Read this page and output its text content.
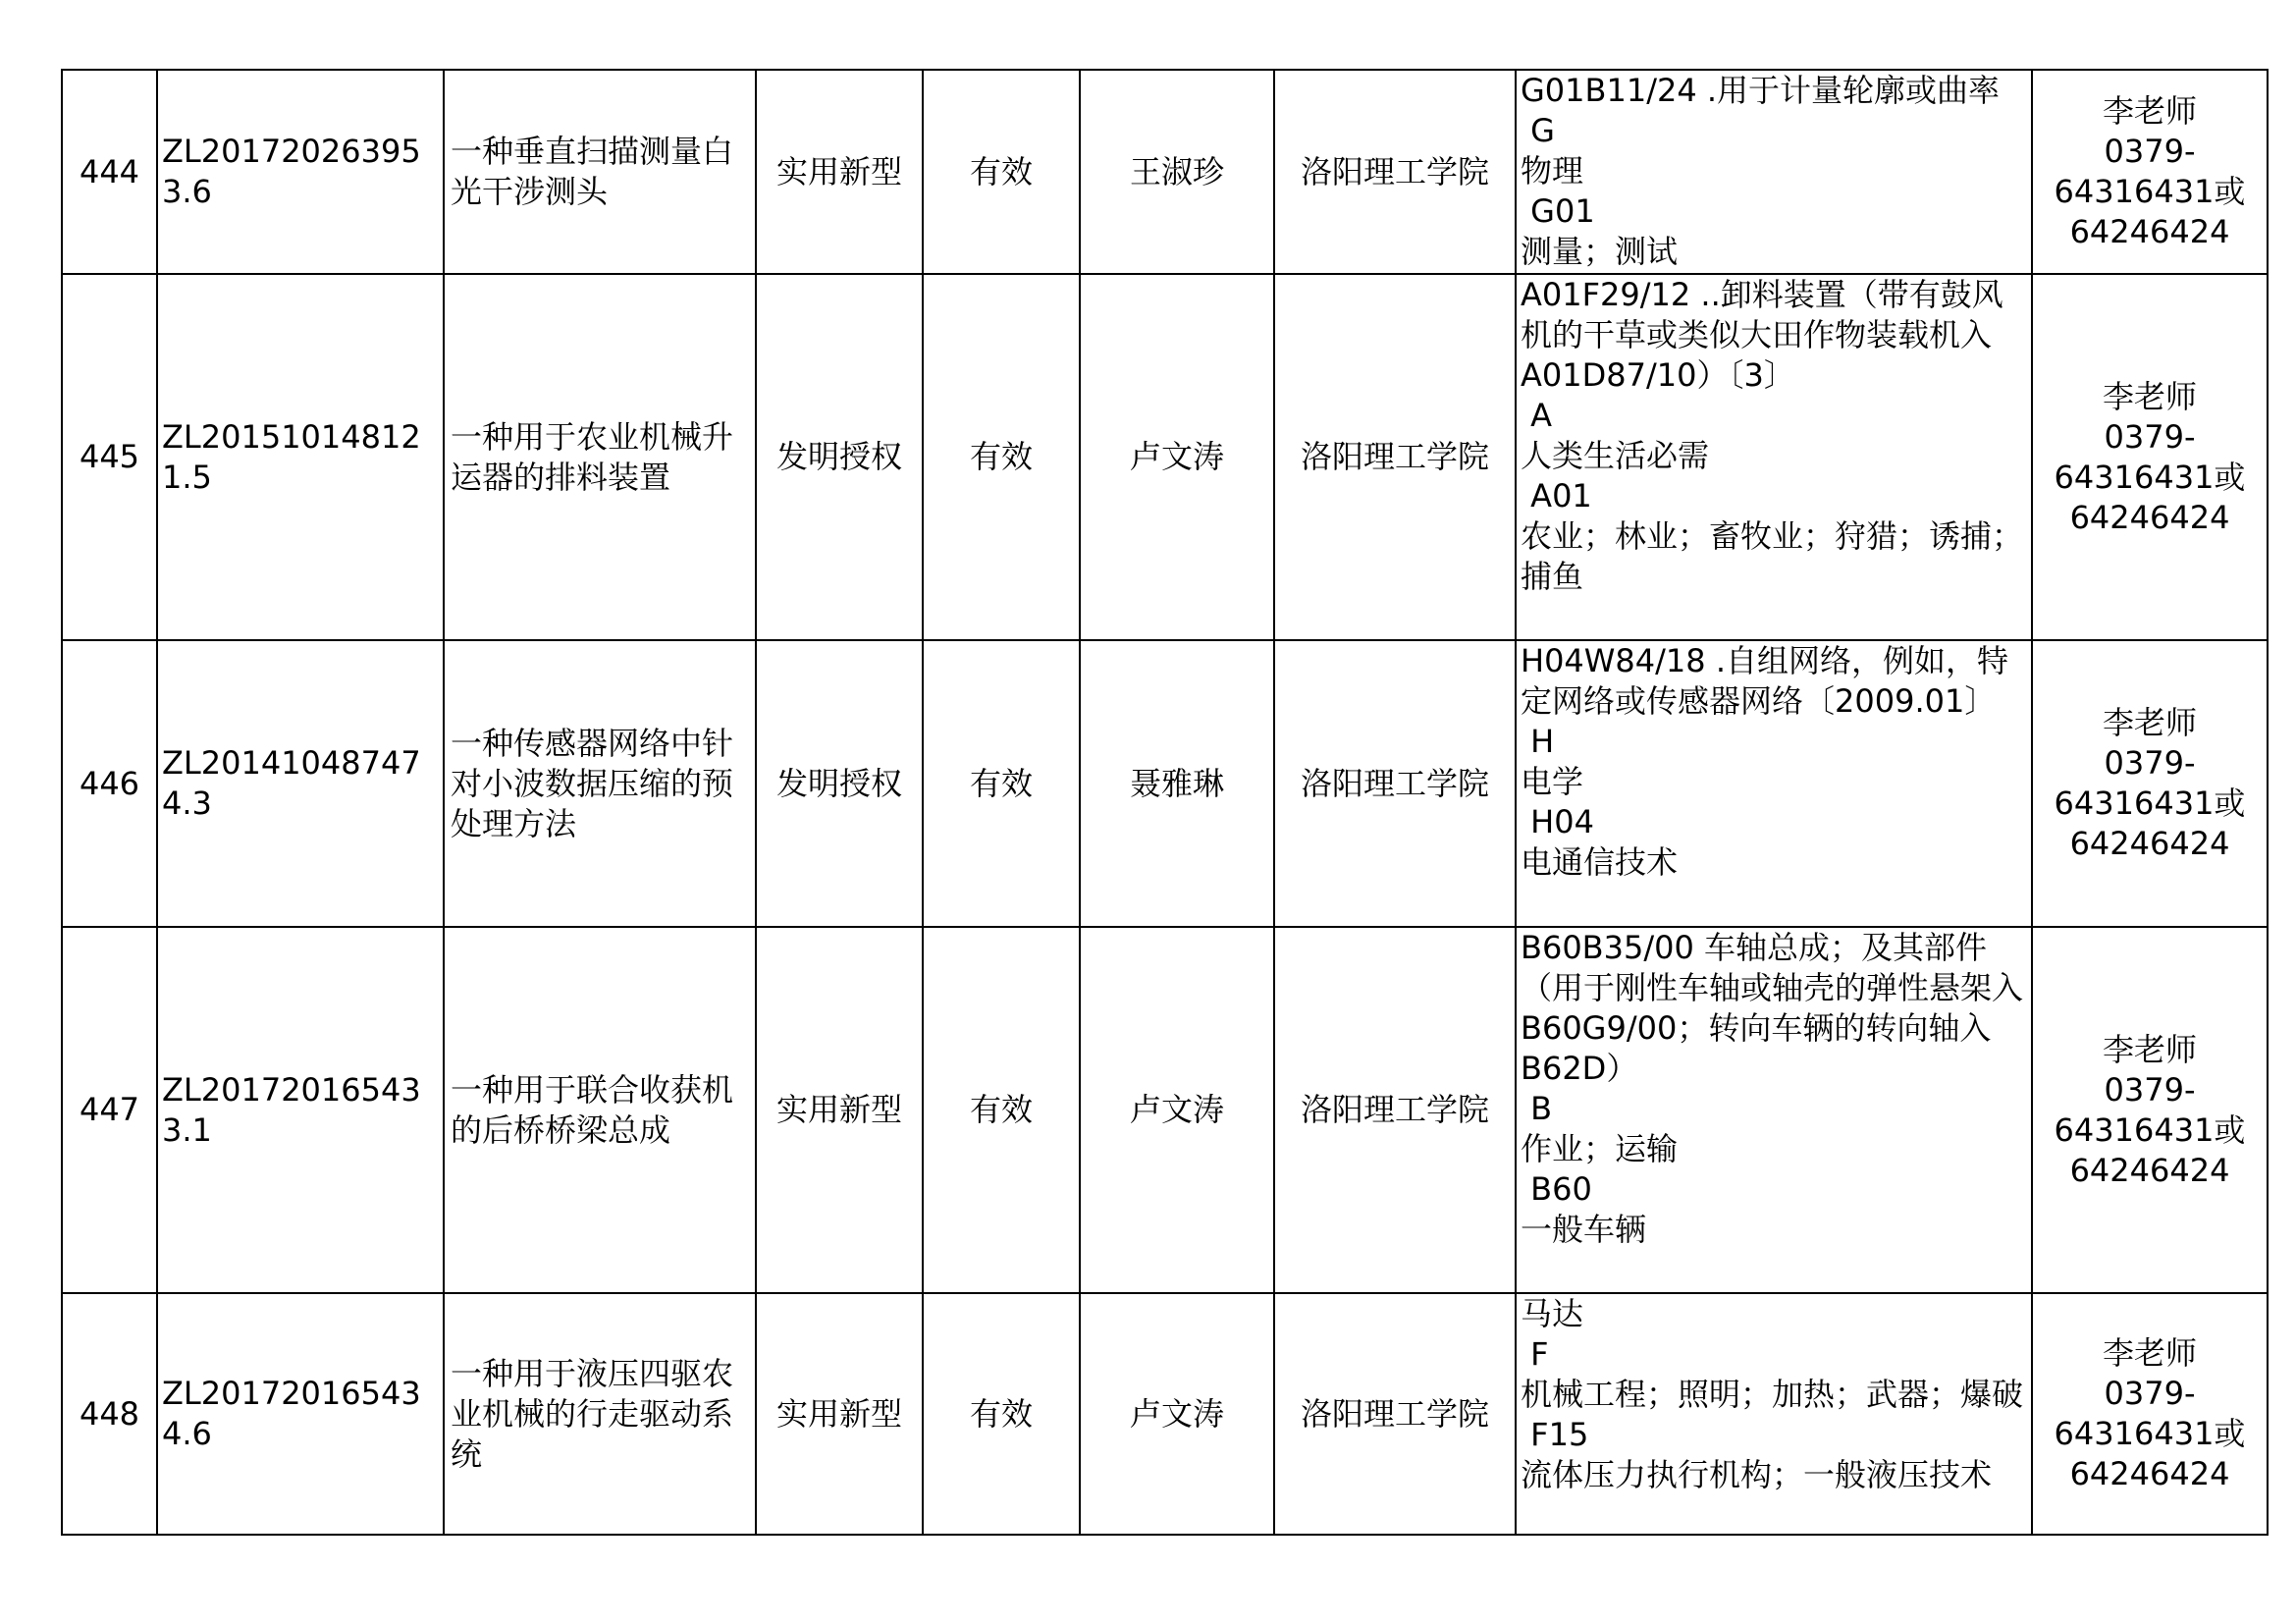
444	ZL201720263953.6	一种垂直扫描测量白光干涉测头	实用新型	有效	王淑珍	洛阳理工学院	G01B11/24 .用于计量轮廓或曲率
G
物理
G01
测量；测试	李老师
0379-
64316431或
64246424

445	ZL201510148121.5	一种用于农业机械升运器的排料装置	发明授权	有效	卢文涛	洛阳理工学院	A01F29/12 ..卸料装置（带有鼓风机的干草或类似大田作物装载机入A01D87/10）〔3〕
A
人类生活必需
A01
农业；林业；畜牧业；狩猎；诱捕；捕鱼	李老师
0379-
64316431或
64246424

446	ZL201410487474.3	一种传感器网络中针对小波数据压缩的预处理方法	发明授权	有效	聂雅琳	洛阳理工学院	H04W84/18 .自组网络，例如，特定网络或传感器网络〔2009.01〕
H
电学
H04
电通信技术	李老师
0379-
64316431或
64246424

447	ZL201720165433.1	一种用于联合收获机的后桥桥梁总成	实用新型	有效	卢文涛	洛阳理工学院	B60B35/00 车轴总成；及其部件（用于刚性车轴或轴壳的弹性悬架入B60G9/00；转向车辆的转向轴入B62D）
B
作业；运输
B60
一般车辆	李老师
0379-
64316431或
64246424

448	ZL201720165434.6	一种用于液压四驱农业机械的行走驱动系统	实用新型	有效	卢文涛	洛阳理工学院	马达
F
机械工程；照明；加热；武器；爆破
F15
流体压力执行机构；一般液压技术	李老师
0379-
64316431或
64246424
